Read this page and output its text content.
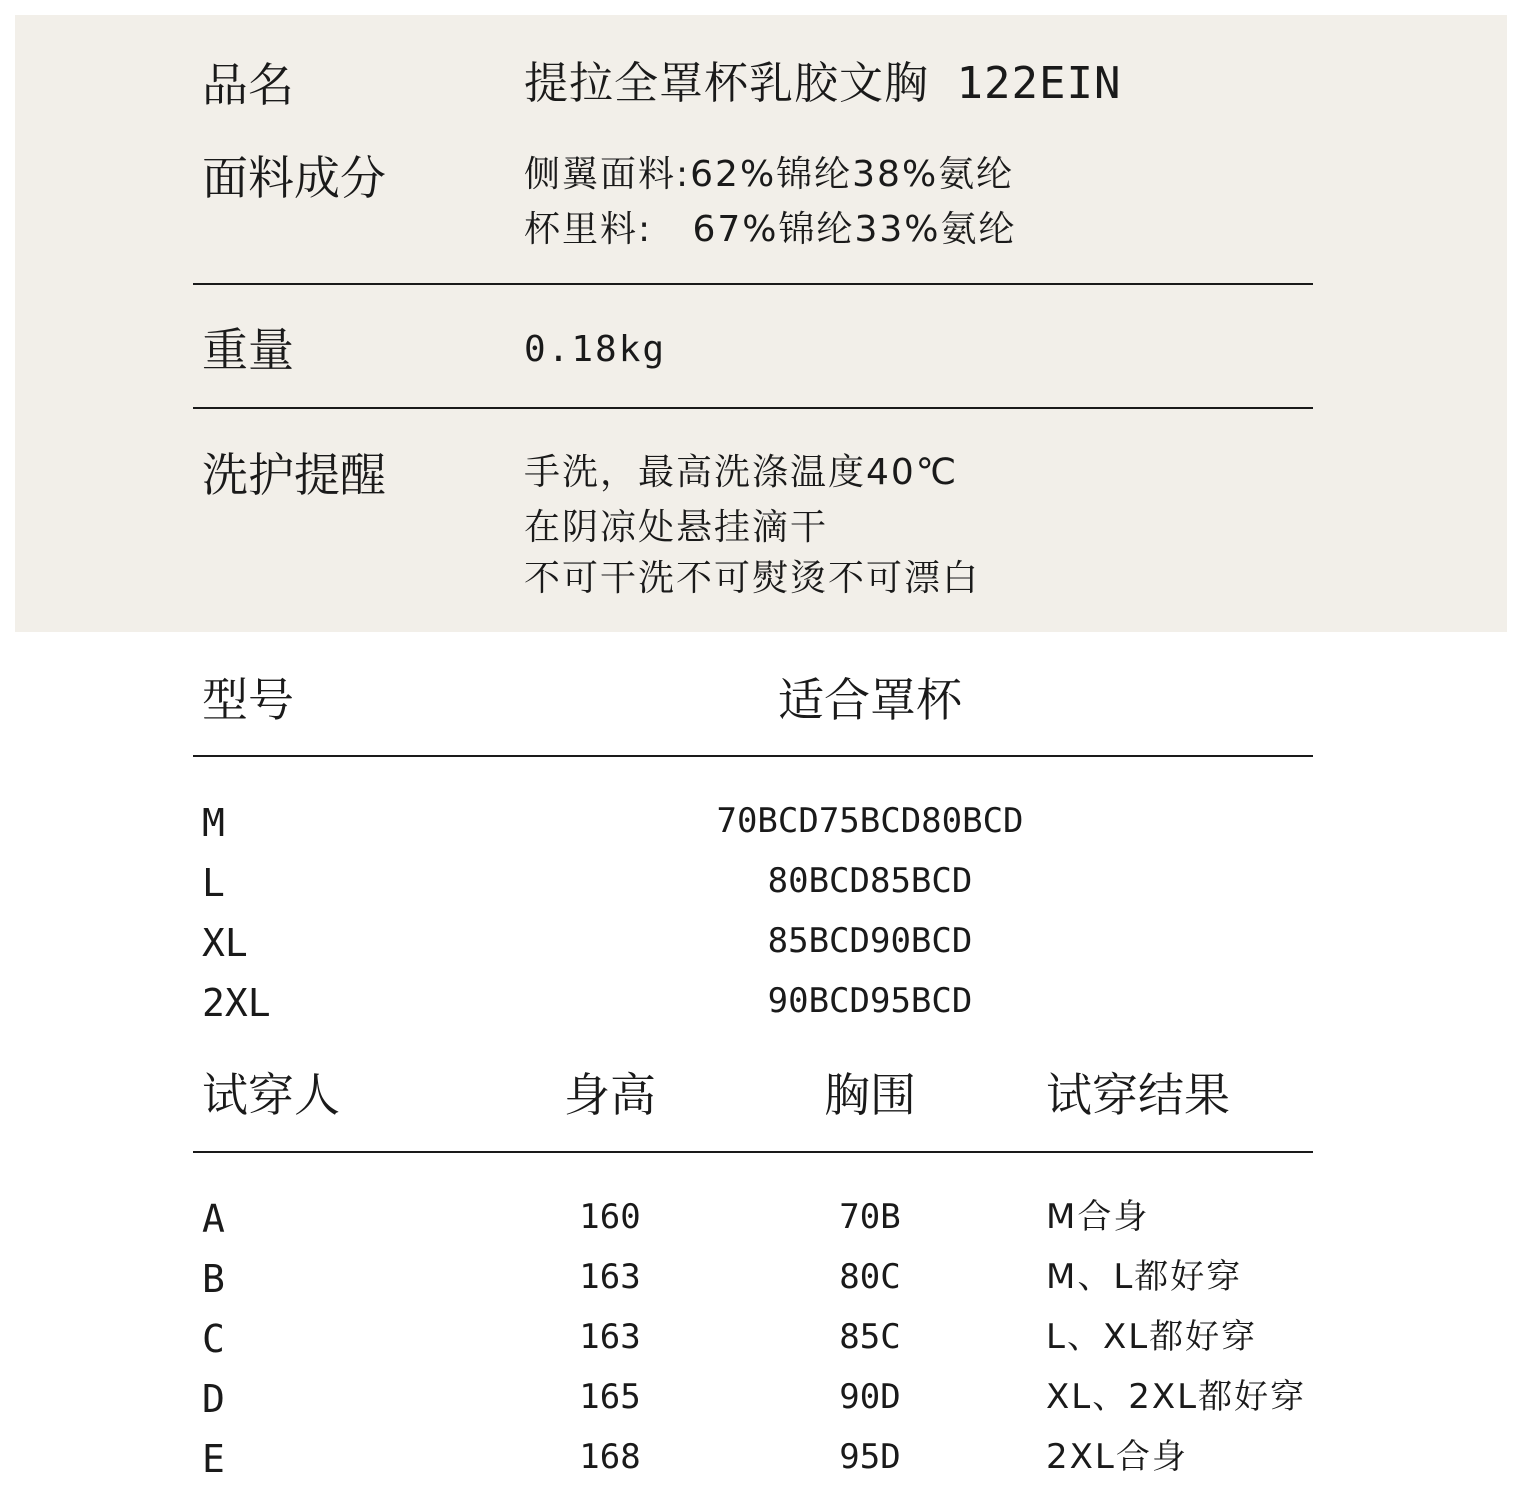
品名	提拉全罩杯乳胶文胸 122EIN
面料成分	侧翼面料:62%锦纶38%氨纶
杯里料:   67%锦纶33%氨纶
重量	0.18kg
洗护提醒	手洗，最高洗涤温度40℃
在阴凉处悬挂滴干
不可干洗不可熨烫不可漂白
型号	适合罩杯
M	70BCD75BCD80BCD
L	80BCD85BCD
XL	85BCD90BCD
2XL	90BCD95BCD
试穿人	身高	胸围	试穿结果
A	160	70B	M合身
B	163	80C	M、L都好穿
C	163	85C	L、XL都好穿
D	165	90D	XL、2XL都好穿
E	168	95D	2XL合身
